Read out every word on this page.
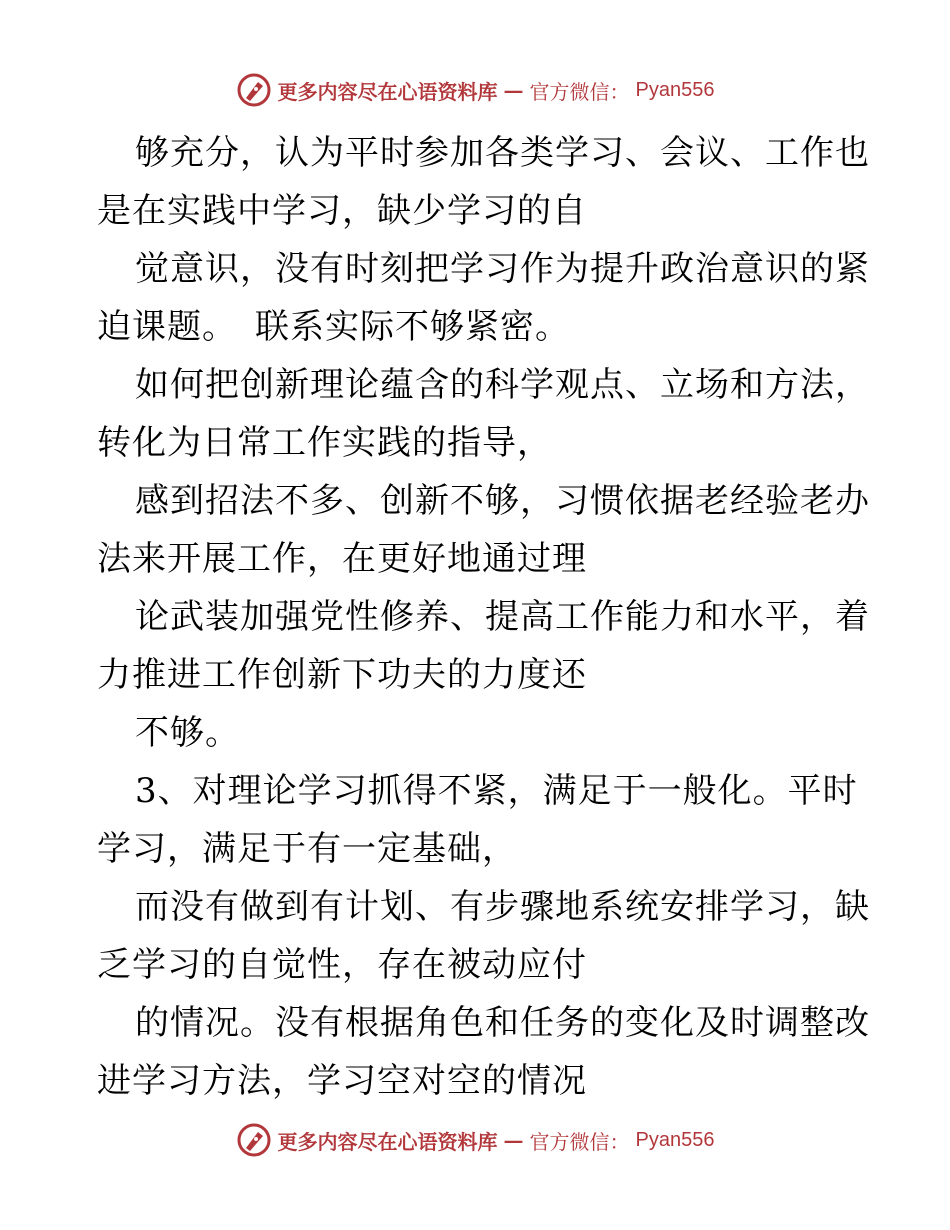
更多内容尽在心语资料库 — 官方微信： Pyan556
够充分，认为平时参加各类学习、会议、工作也
是在实践中学习，缺少学习的自
觉意识，没有时刻把学习作为提升政治意识的紧
迫课题。　联系实际不够紧密。
如何把创新理论蕴含的科学观点、立场和方法，
转化为日常工作实践的指导，
感到招法不多、创新不够，习惯依据老经验老办
法来开展工作，在更好地通过理
论武装加强党性修养、提高工作能力和水平，着
力推进工作创新下功夫的力度还
不够。
3、对理论学习抓得不紧，满足于一般化。平时
学习，满足于有一定基础，
而没有做到有计划、有步骤地系统安排学习，缺
乏学习的自觉性，存在被动应付
的情况。没有根据角色和任务的变化及时调整改
进学习方法，学习空对空的情况
更多内容尽在心语资料库 — 官方微信： Pyan556
